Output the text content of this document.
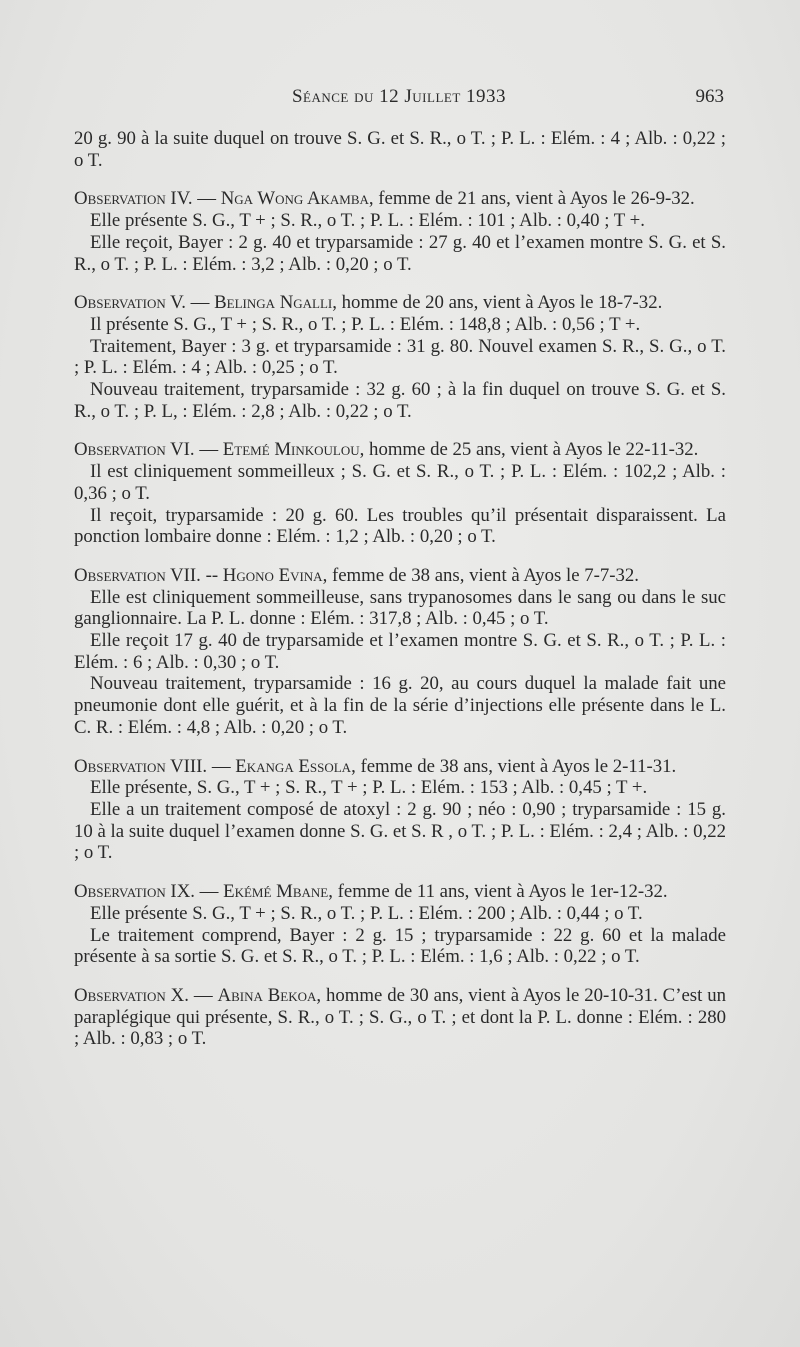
Séance du 12 Juillet 1933	963

20 g. 90 à la suite duquel on trouve S. G. et S. R., o T. ; P. L. : Elém. : 4 ; Alb. : 0,22 ; o T.

Observation IV. — Nga Wong Akamba, femme de 21 ans, vient à Ayos le 26-9-32.

Elle présente S. G., T + ; S. R., o T. ; P. L. : Elém. : 101 ; Alb. : 0,40 ; T +.

Elle reçoit, Bayer : 2 g. 40 et tryparsamide : 27 g. 40 et l’examen montre S. G. et S. R., o T. ; P. L. : Elém. : 3,2 ; Alb. : 0,20 ; o T.

Observation V. — Belinga Ngalli, homme de 20 ans, vient à Ayos le 18-7-32.

Il présente S. G., T + ; S. R., o T. ; P. L. : Elém. : 148,8 ; Alb. : 0,56 ; T +.

Traitement, Bayer : 3 g. et tryparsamide : 31 g. 80. Nouvel examen S. R., S. G., o T. ; P. L. : Elém. : 4 ; Alb. : 0,25 ; o T.

Nouveau traitement, tryparsamide : 32 g. 60 ; à la fin duquel on trouve S. G. et S. R., o T. ; P. L, : Elém. : 2,8 ; Alb. : 0,22 ; o T.

Observation VI. — Etemé Minkoulou, homme de 25 ans, vient à Ayos le 22-11-32.

Il est cliniquement sommeilleux ; S. G. et S. R., o T. ; P. L. : Elém. : 102,2 ; Alb. : 0,36 ; o T.

Il reçoit, tryparsamide : 20 g. 60. Les troubles qu’il présentait disparaissent. La ponction lombaire donne : Elém. : 1,2 ; Alb. : 0,20 ; o T.

Observation VII. -- Hgono Evina, femme de 38 ans, vient à Ayos le 7-7-32.

Elle est cliniquement sommeilleuse, sans trypanosomes dans le sang ou dans le suc ganglionnaire. La P. L. donne : Elém. : 317,8 ; Alb. : 0,45 ; o T.

Elle reçoit 17 g. 40 de tryparsamide et l’examen montre S. G. et S. R., o T. ; P. L. : Elém. : 6 ; Alb. : 0,30 ; o T.

Nouveau traitement, tryparsamide : 16 g. 20, au cours duquel la malade fait une pneumonie dont elle guérit, et à la fin de la série d’injections elle présente dans le L. C. R. : Elém. : 4,8 ; Alb. : 0,20 ; o T.

Observation VIII. — Ekanga Essola, femme de 38 ans, vient à Ayos le 2-11-31.

Elle présente, S. G., T + ; S. R., T + ; P. L. : Elém. : 153 ; Alb. : 0,45 ; T +.

Elle a un traitement composé de atoxyl : 2 g. 90 ; néo : 0,90 ; tryparsamide : 15 g. 10 à la suite duquel l’examen donne S. G. et S. R , o T. ; P. L. : Elém. : 2,4 ; Alb. : 0,22 ; o T.

Observation IX. — Ekémé Mbane, femme de 11 ans, vient à Ayos le 1er-12-32.

Elle présente S. G., T + ; S. R., o T. ; P. L. : Elém. : 200 ; Alb. : 0,44 ; o T.

Le traitement comprend, Bayer : 2 g. 15 ; tryparsamide : 22 g. 60 et la malade présente à sa sortie S. G. et S. R., o T. ; P. L. : Elém. : 1,6 ; Alb. : 0,22 ; o T.

Observation X. — Abina Bekoa, homme de 30 ans, vient à Ayos le 20-10-31. C’est un paraplégique qui présente, S. R., o T. ; S. G., o T. ; et dont la P. L. donne : Elém. : 280 ; Alb. : 0,83 ; o T.
